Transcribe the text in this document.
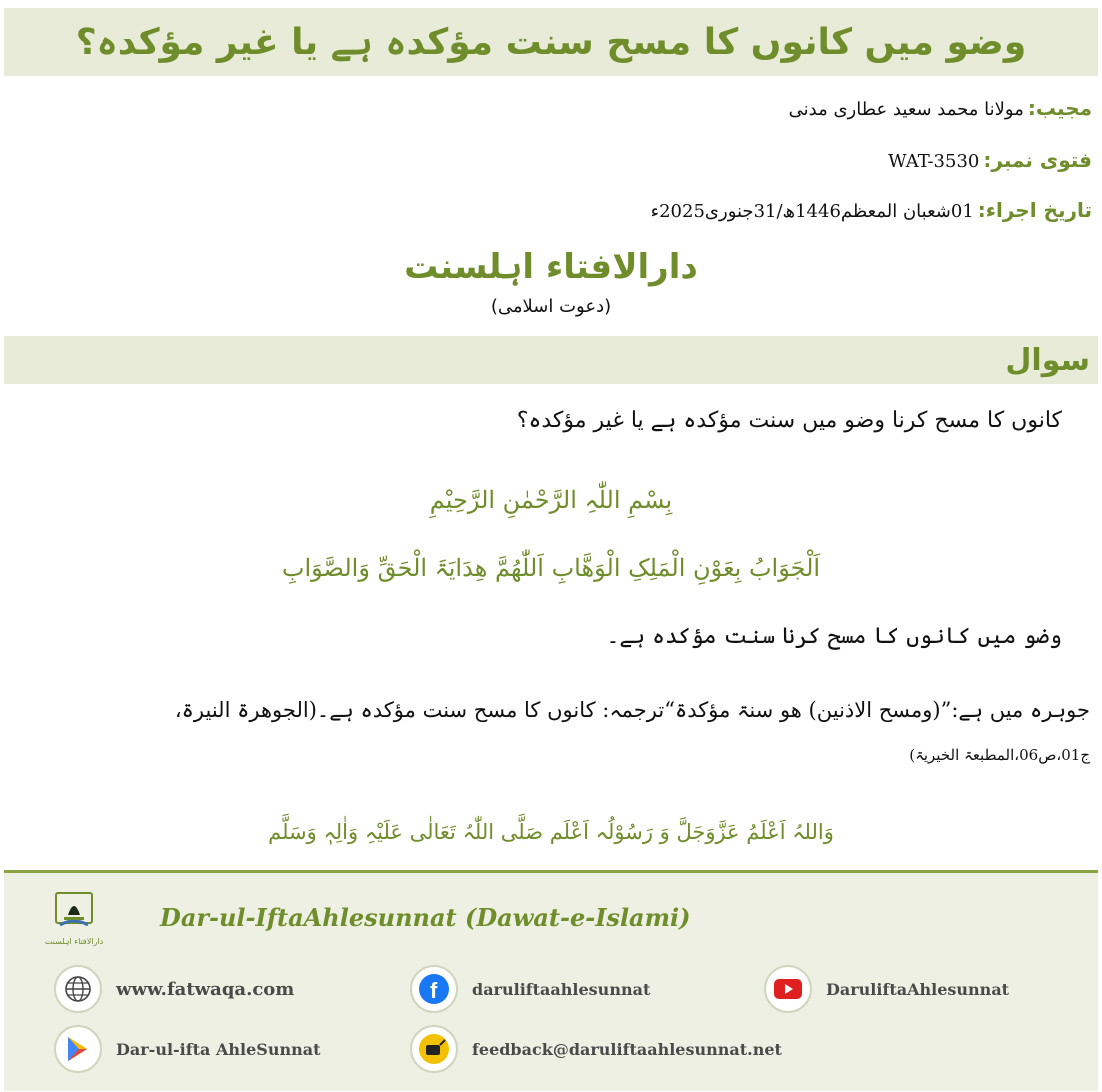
وضو میں کانوں کا مسح سنت مؤکدہ ہے یا غیر مؤکدہ؟
مجیب:
مولانا محمد سعید عطاری مدنی
فتوی نمبر:
WAT-3530
تاریخ اجراء:
01شعبان المعظم1446ھ/31جنوری2025ء
دارالافتاء اہلسنت
(دعوت اسلامی)
سوال
کانوں کا مسح کرنا وضو میں سنت مؤکدہ ہے یا غیر مؤکدہ؟
بِسْمِ اللّٰہِ الرَّحْمٰنِ الرَّحِیْمِ
اَلْجَوَابُ بِعَوْنِ الْمَلِکِ الْوَھَّابِ اَللّٰھُمَّ ھِدَایَۃَ الْحَقِّ وَالصَّوَابِ
وضو میں کانوں کا مسح کرنا سنت مؤکدہ ہے۔
جوہرہ میں ہے:”(ومسح الاذنین) ھو سنۃ مؤکدۃ“ترجمہ: کانوں کا مسح سنت مؤکدہ ہے۔(الجوھرۃ النیرۃ،
ج01،ص06،المطبعۃ الخیریۃ)
وَاللہُ اَعْلَمُ عَزَّوَجَلَّ وَ رَسُوْلُہ اَعْلَم صَلَّی اللّٰہُ تَعَالٰی عَلَیْہِ وَاٰلِہٖ وَسَلَّم
دارالافتاء اہلسنت
Dar-ul-IftaAhlesunnat (Dawat-e-Islami)
www.fatwaqa.com	f daruliftaahlesunnat	DaruliftaAhlesunnat
Dar-ul-ifta AhleSunnat	feedback@daruliftaahlesunnat.net
